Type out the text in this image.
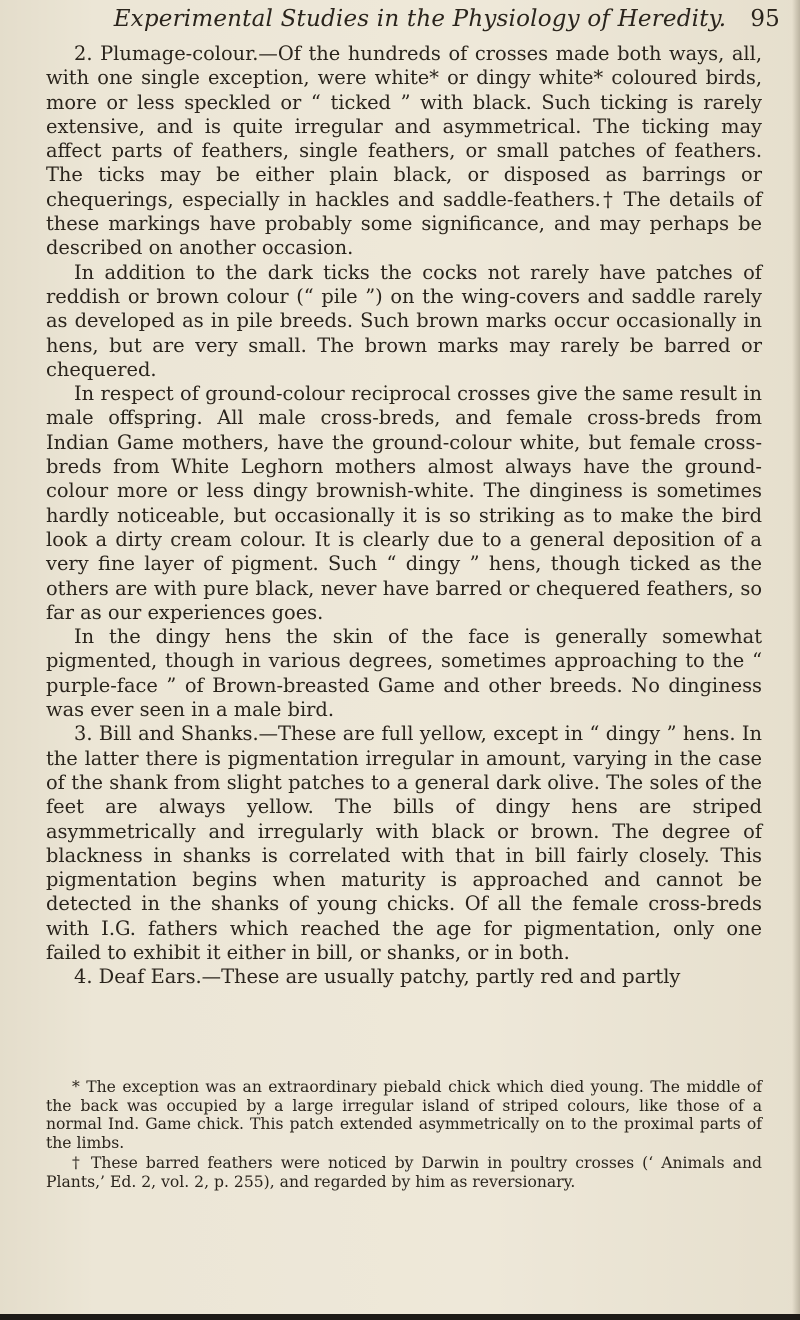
Experimental Studies in the Physiology of Heredity. 95

2. Plumage-colour.—Of the hundreds of crosses made both ways, all, with one single exception, were white* or dingy white* coloured birds, more or less speckled or “ ticked ” with black. Such ticking is rarely extensive, and is quite irregular and asymmetrical. The ticking may affect parts of feathers, single feathers, or small patches of feathers. The ticks may be either plain black, or disposed as barrings or chequerings, especially in hackles and saddle-feathers.† The details of these markings have probably some significance, and may perhaps be described on another occasion.

In addition to the dark ticks the cocks not rarely have patches of reddish or brown colour (“ pile ”) on the wing-covers and saddle rarely as developed as in pile breeds. Such brown marks occur occasionally in hens, but are very small. The brown marks may rarely be barred or chequered.

In respect of ground-colour reciprocal crosses give the same result in male offspring. All male cross-breds, and female cross-breds from Indian Game mothers, have the ground-colour white, but female cross-breds from White Leghorn mothers almost always have the ground-colour more or less dingy brownish-white. The dinginess is sometimes hardly noticeable, but occasionally it is so striking as to make the bird look a dirty cream colour. It is clearly due to a general deposition of a very fine layer of pigment. Such “ dingy ” hens, though ticked as the others are with pure black, never have barred or chequered feathers, so far as our experiences goes.

In the dingy hens the skin of the face is generally somewhat pigmented, though in various degrees, sometimes approaching to the “ purple-face ” of Brown-breasted Game and other breeds. No dinginess was ever seen in a male bird.

3. Bill and Shanks.—These are full yellow, except in “ dingy ” hens. In the latter there is pigmentation irregular in amount, varying in the case of the shank from slight patches to a general dark olive. The soles of the feet are always yellow. The bills of dingy hens are striped asymmetrically and irregularly with black or brown. The degree of blackness in shanks is correlated with that in bill fairly closely. This pigmentation begins when maturity is approached and cannot be detected in the shanks of young chicks. Of all the female cross-breds with I.G. fathers which reached the age for pigmentation, only one failed to exhibit it either in bill, or shanks, or in both.

4. Deaf Ears.—These are usually patchy, partly red and partly

* The exception was an extraordinary piebald chick which died young. The middle of the back was occupied by a large irregular island of striped colours, like those of a normal Ind. Game chick. This patch extended asymmetrically on to the proximal parts of the limbs.

† These barred feathers were noticed by Darwin in poultry crosses (‘ Animals and Plants,’ Ed. 2, vol. 2, p. 255), and regarded by him as reversionary.
